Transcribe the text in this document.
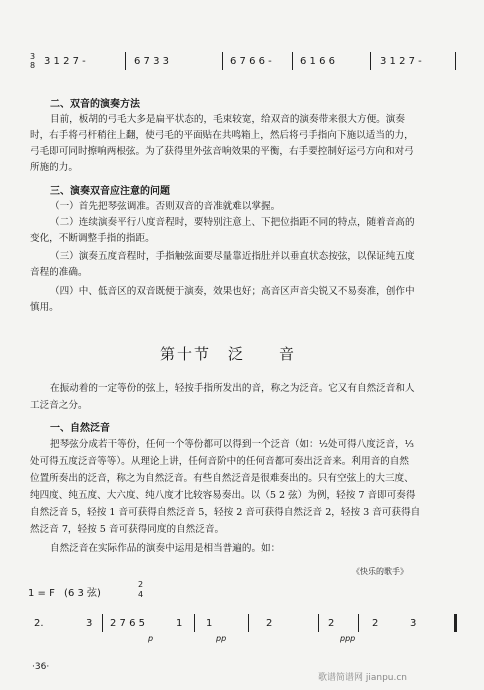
3
8 3 1 2 7 -	6 7 3 3	6 7 6 6 -	6 1 6 6	3 1 2 7 -
二、双音的演奏方法
目前，板胡的弓毛大多是扁平状态的，毛束较宽，给双音的演奏带来很大方便。演奏
时，右手将弓杆稍往上翻，使弓毛的平面贴在共鸣箱上，然后将弓手指向下施以适当的力，
弓毛即可同时擦响两根弦。为了获得里外弦音响效果的平衡，右手要控制好运弓方向和对弓
所施的力。
三、演奏双音应注意的问题
（一）首先把琴弦调准。否则双音的音准就难以掌握。
（二）连续演奏平行八度音程时，要特别注意上、下把位指距不同的特点，随着音高的
变化，不断调整手指的指距。
（三）演奏五度音程时，手指触弦面要尽量靠近指肚并以垂直状态按弦，以保证纯五度
音程的准确。
（四）中、低音区的双音既便于演奏，效果也好；高音区声音尖锐又不易奏准，创作中
慎用。
第十节　泛　　音
在振动着的一定等份的弦上，轻按手指所发出的音，称之为泛音。它又有自然泛音和人
工泛音之分。
一、自然泛音
把琴弦分成若干等份，任何一个等份都可以得到一个泛音（如：½处可得八度泛音，⅓
处可得五度泛音等等）。从理论上讲，任何音阶中的任何音都可奏出泛音来。利用音的自然
位置所奏出的泛音，称之为自然泛音。有些自然泛音是很难奏出的。只有空弦上的大三度、
纯四度、纯五度、大六度、纯八度才比较容易奏出。以（5 2 弦）为例，轻按 7 音即可奏得
自然泛音 5，轻按 1 音可获得自然泛音 5，轻按 2 音可获得自然泛音 2，轻按 3 音可获得自
然泛音 7，轻按 5 音可获得同度的自然泛音。
自然泛音在实际作品的演奏中运用是相当普遍的。如：
《快乐的歌手》
1 = F (6 3 弦)
2
4
2.	3 2 7 6 5	1 1	2	2	2	3
p	pp	ppp
·36·
歌谱简谱网 jianpu.cn
